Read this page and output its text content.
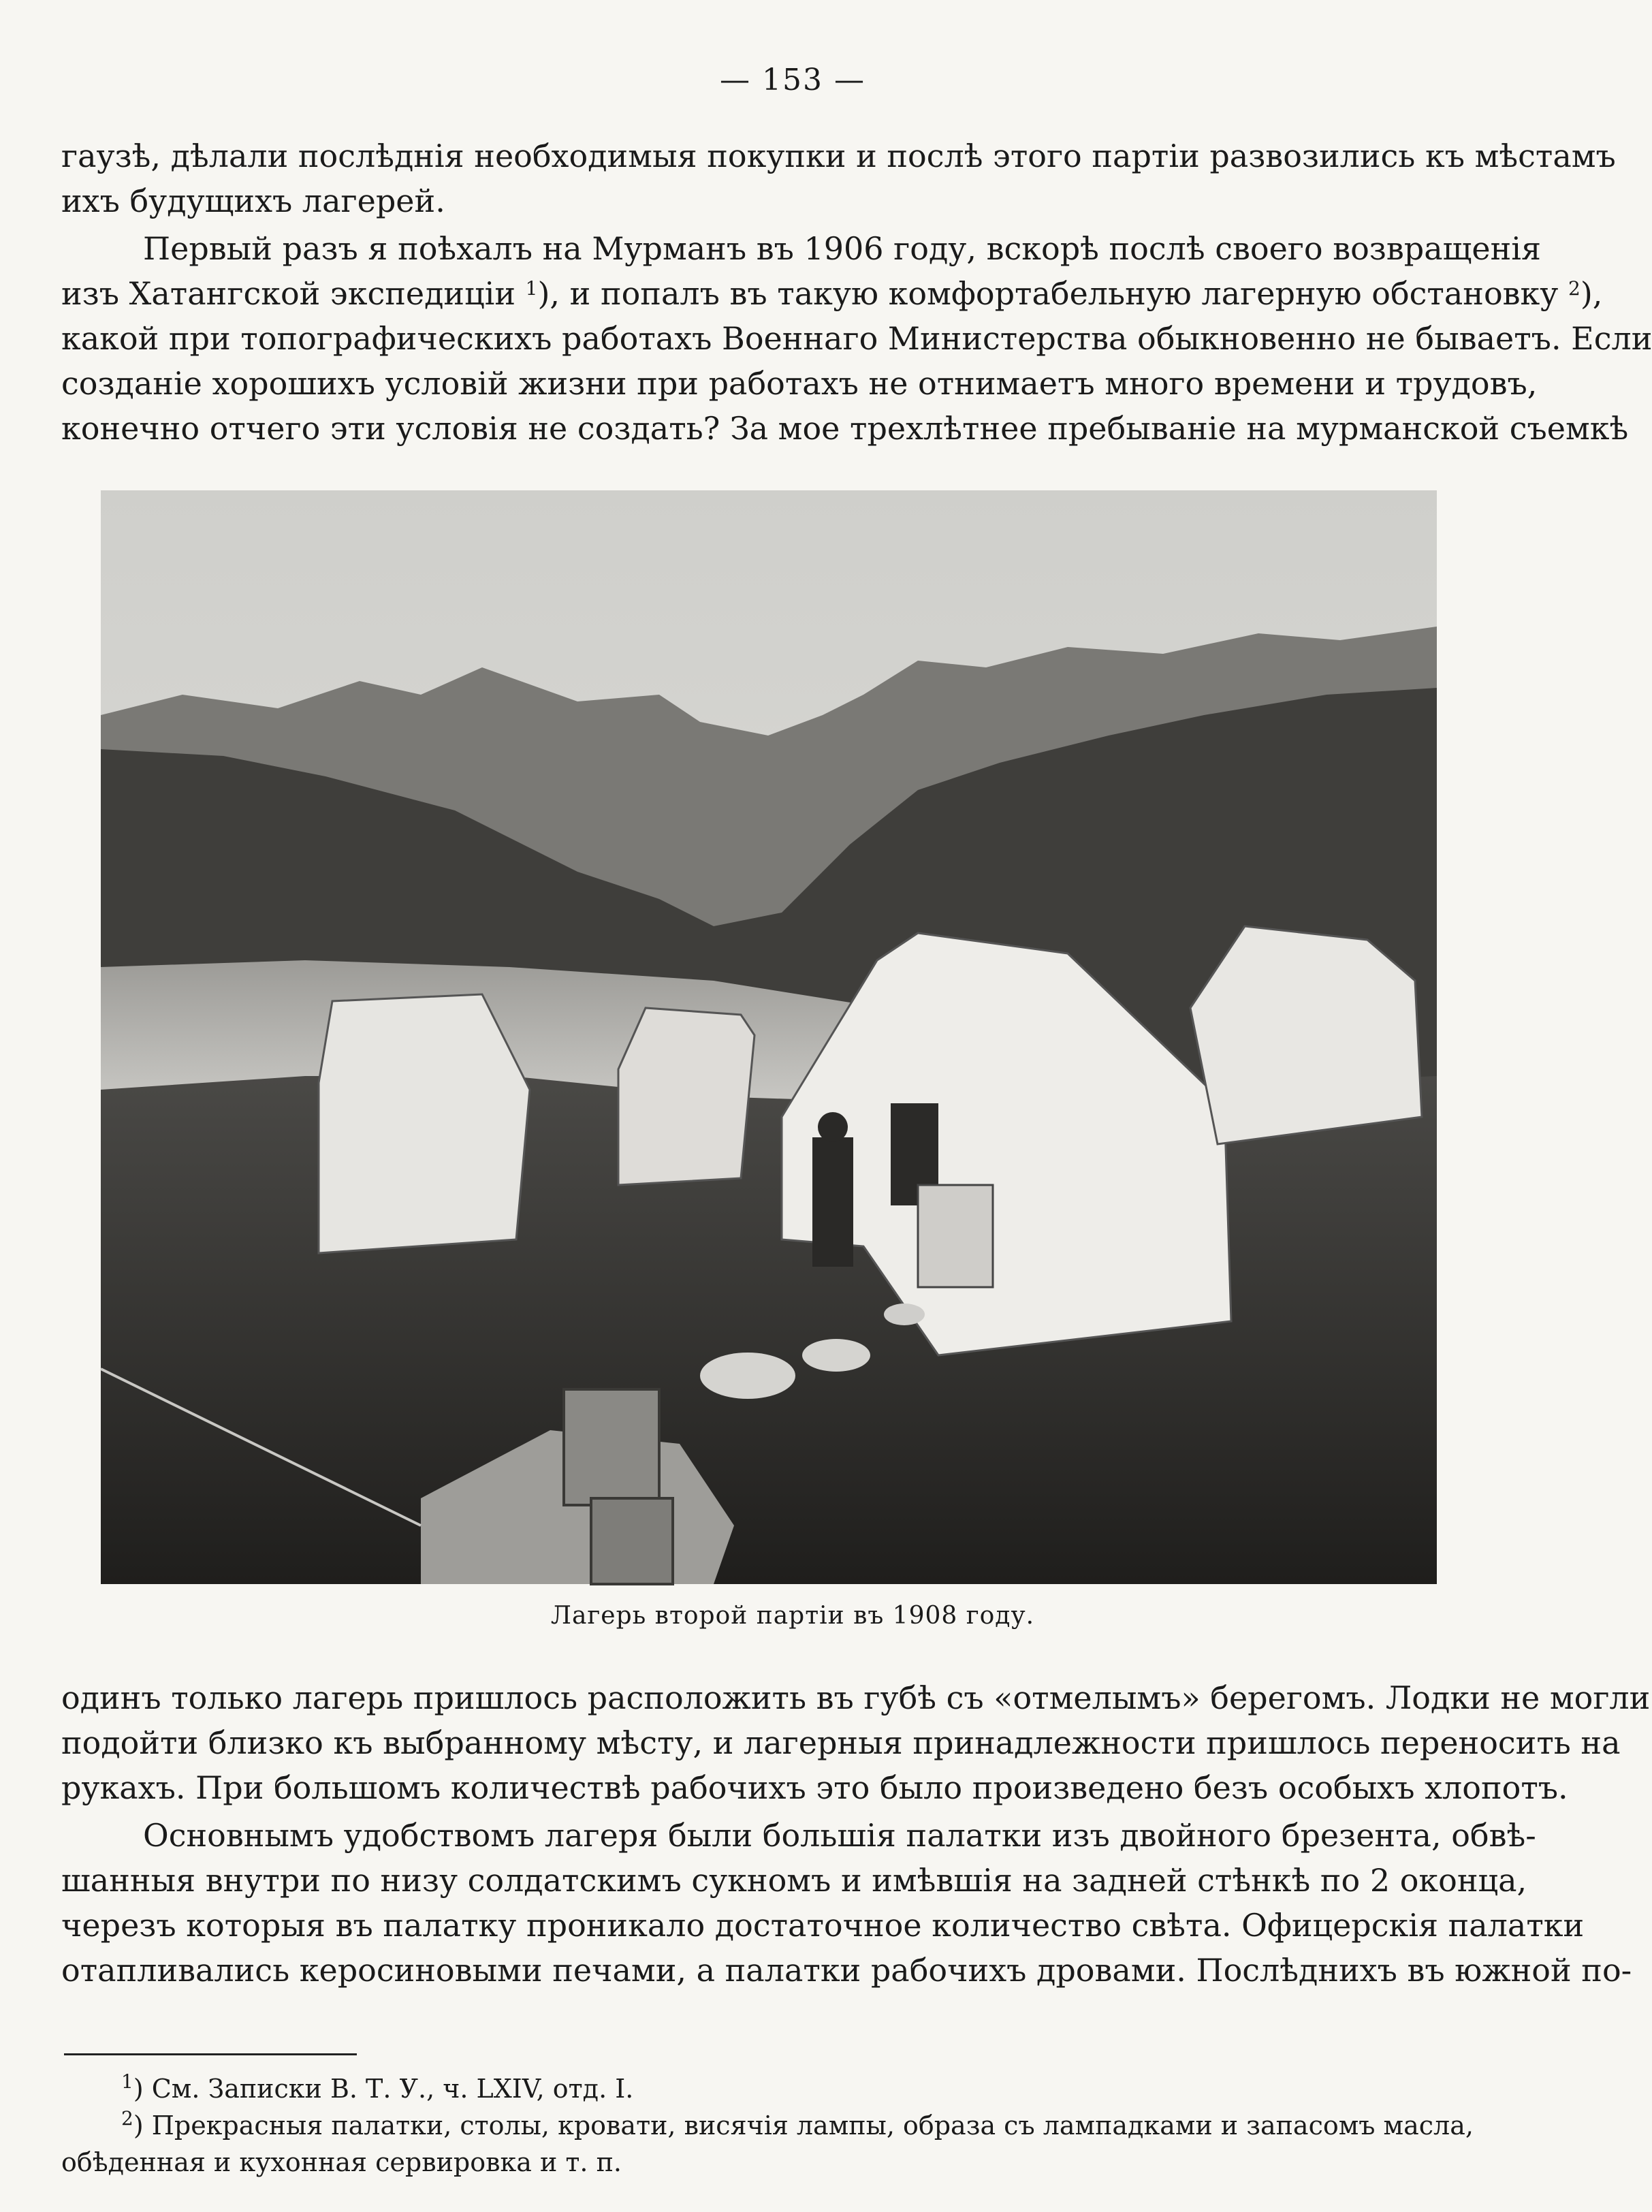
— 153 —

гаузѣ, дѣлали послѣднія необходимыя покупки и послѣ этого партіи развозились къ мѣстамъ
ихъ будущихъ лагерей.

Первый разъ я поѣхалъ на Мурманъ въ 1906 году, вскорѣ послѣ своего возвращенія
изъ Хатангской экспедиціи $^1$), и попалъ въ такую комфортабельную лагерную обстановку $^2$),
какой при топографическихъ работахъ Военнаго Министерства обыкновенно не бываетъ. Если
созданіе хорошихъ условій жизни при работахъ не отнимаетъ много времени и трудовъ,
конечно отчего эти условія не создать? За мое трехлѣтнее пребываніе на мурманской съемкѣ

Лагерь второй партіи въ 1908 году.

одинъ только лагерь пришлось расположить въ губѣ съ «отмелымъ» берегомъ. Лодки не могли
подойти близко къ выбранному мѣсту, и лагерныя принадлежности пришлось переносить на
рукахъ. При большомъ количествѣ рабочихъ это было произведено безъ особыхъ хлопотъ.

Основнымъ удобствомъ лагеря были большія палатки изъ двойного брезента, обвѣ-
шанныя внутри по низу солдатскимъ сукномъ и имѣвшія на задней стѣнкѣ по 2 оконца,
черезъ которыя въ палатку проникало достаточное количество свѣта. Офицерскія палатки
отапливались керосиновыми печами, а палатки рабочихъ дровами. Послѣднихъ въ южной по-

$^1$) См. Записки В. Т. У., ч. LXIV, отд. I.
$^2$) Прекрасныя палатки, столы, кровати, висячія лампы, образа съ лампадками и запасомъ масла,
обѣденная и кухонная сервировка и т. п.
